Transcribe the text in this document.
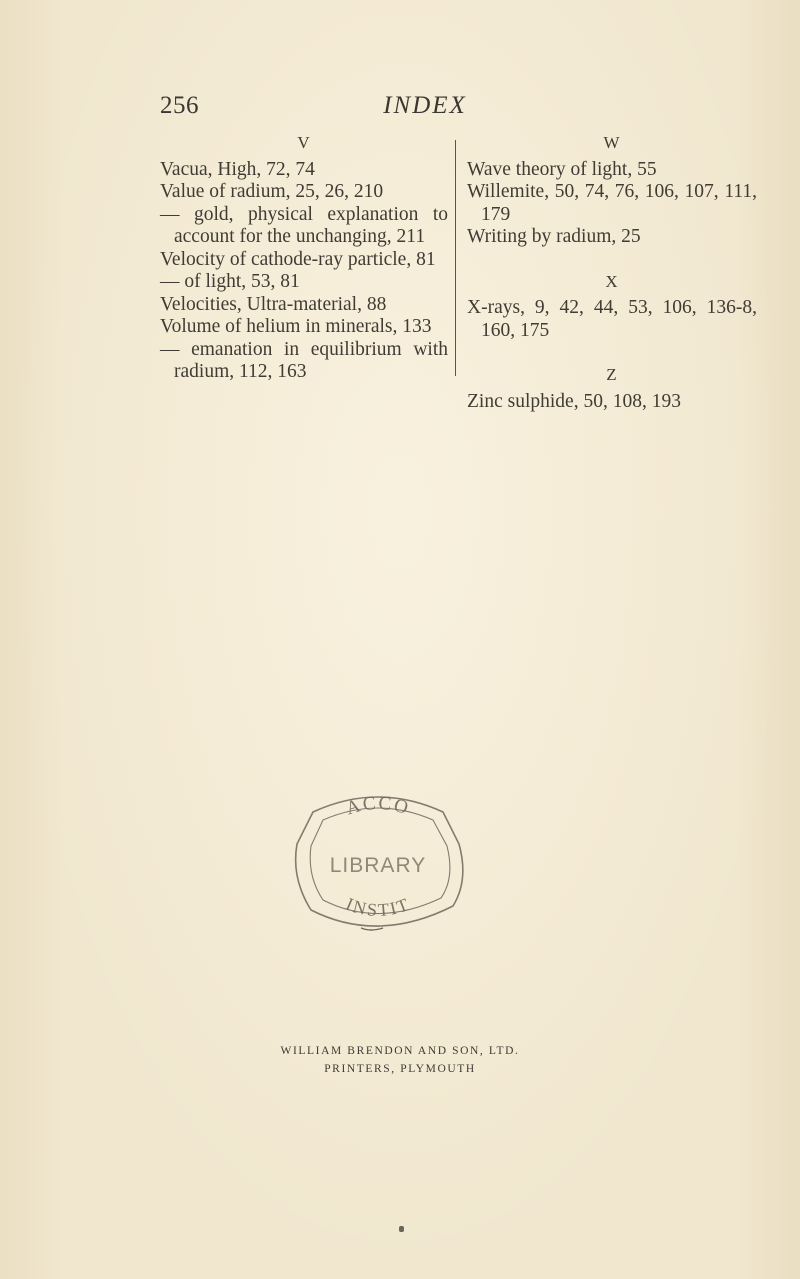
256	INDEX
V

Vacua, High, 72, 74

Value of radium, 25, 26, 210

— gold, physical explanation to account for the unchanging, 211

Velocity of cathode-ray particle, 81

— of light, 53, 81

Velocities, Ultra-material, 88

Volume of helium in minerals, 133

— emanation in equilibrium with radium, 112, 163

W

Wave theory of light, 55

Willemite, 50, 74, 76, 106, 107, 111, 179

Writing by radium, 25

X

X-rays, 9, 42, 44, 53, 106, 136-8, 160, 175

Z

Zinc sulphide, 50, 108, 193

ACCO
LIBRARY
INSTIT
WILLIAM BRENDON AND SON, LTD.
PRINTERS, PLYMOUTH
